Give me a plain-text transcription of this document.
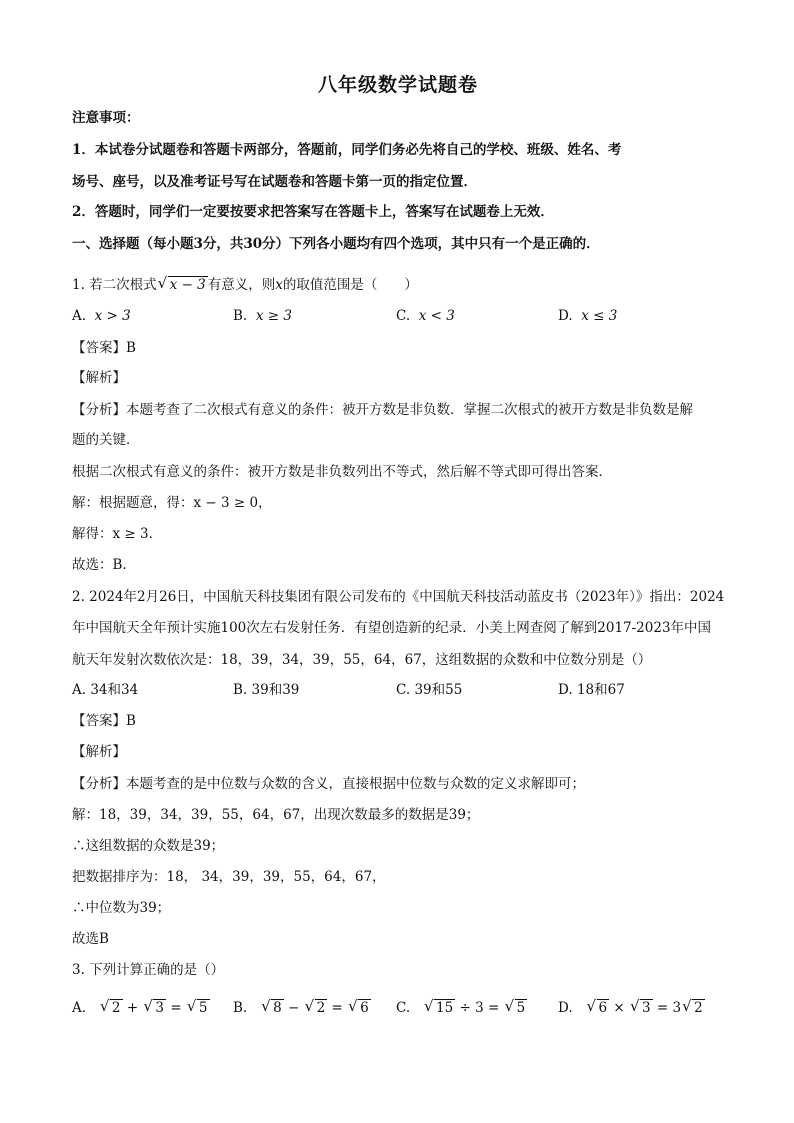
八年级数学试题卷
注意事项：
1．本试卷分试题卷和答题卡两部分，答题前，同学们务必先将自己的学校、班级、姓名、考
场号、座号，以及准考证号写在试题卷和答题卡第一页的指定位置．
2．答题时，同学们一定要按要求把答案写在答题卡上，答案写在试题卷上无效．
一、选择题（每小题3分，共30分）下列各小题均有四个选项，其中只有一个是正确的．
1. 若二次根式 √ x − 3 有意义，则x的取值范围是（　　）
A. x > 3	B. x ≥ 3	C. x < 3	D. x ≤ 3
【答案】B
【解析】
【分析】本题考查了二次根式有意义的条件：被开方数是非负数．掌握二次根式的被开方数是非负数是解
题的关键．
根据二次根式有意义的条件：被开方数是非负数列出不等式，然后解不等式即可得出答案．
解：根据题意，得：x − 3 ≥ 0，
解得：x ≥ 3．
故选：B．
2. 2024年2月26日，中国航天科技集团有限公司发布的《中国航天科技活动蓝皮书（2023年）》指出：2024
年中国航天全年预计实施100次左右发射任务．有望创造新的纪录．小美上网查阅了解到2017-2023年中国
航天年发射次数依次是：18，39，34，39，55，64，67，这组数据的众数和中位数分别是（）
A. 34和34	B. 39和39	C. 39和55	D. 18和67
【答案】B
【解析】
【分析】本题考查的是中位数与众数的含义，直接根据中位数与众数的定义求解即可；
解：18，39，34，39，55，64，67，出现次数最多的数据是39；
∴这组数据的众数是39；
把数据排序为：18， 34，39，39，55，64，67，
∴中位数为39；
故选B
3. 下列计算正确的是（）
A. √ 2 + √ 3 = √ 5 B. √ 8 − √ 2 = √ 6 C. √ 15 ÷ 3 = √ 5 D. √ 6 × √ 3 = 3 √ 2
